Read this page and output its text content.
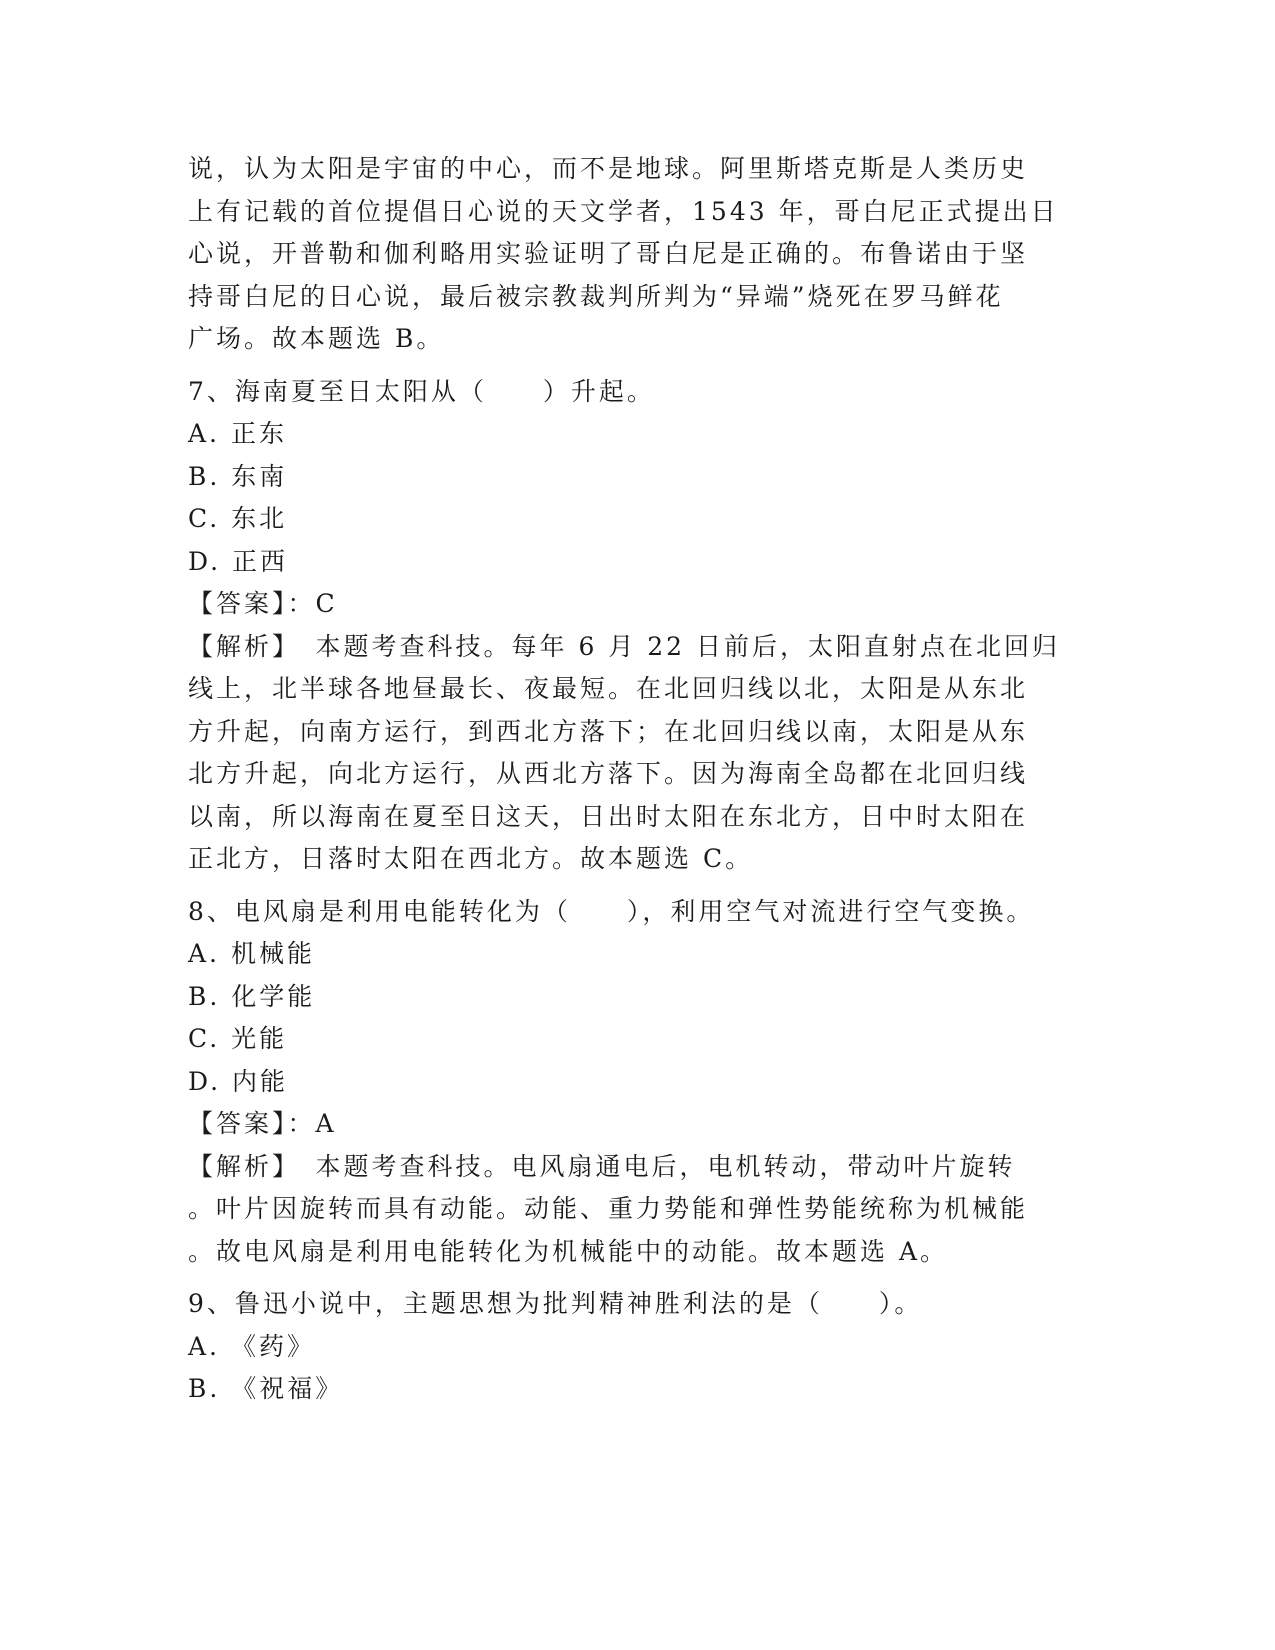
说，认为太阳是宇宙的中心，而不是地球。阿里斯塔克斯是人类历史
上有记载的首位提倡日心说的天文学者，1543 年，哥白尼正式提出日
心说，开普勒和伽利略用实验证明了哥白尼是正确的。布鲁诺由于坚
持哥白尼的日心说，最后被宗教裁判所判为“异端”烧死在罗马鲜花
广场。故本题选 B。
7、海南夏至日太阳从（　　）升起。
A. 正东
B. 东南
C. 东北
D. 正西
【答案】：C
【解析】　本题考查科技。每年 6 月 22 日前后，太阳直射点在北回归
线上，北半球各地昼最长、夜最短。在北回归线以北，太阳是从东北
方升起，向南方运行，到西北方落下；在北回归线以南，太阳是从东
北方升起，向北方运行，从西北方落下。因为海南全岛都在北回归线
以南，所以海南在夏至日这天，日出时太阳在东北方，日中时太阳在
正北方，日落时太阳在西北方。故本题选 C。
8、电风扇是利用电能转化为（　　），利用空气对流进行空气变换。
A. 机械能
B. 化学能
C. 光能
D. 内能
【答案】：A
【解析】　本题考查科技。电风扇通电后，电机转动，带动叶片旋转
。叶片因旋转而具有动能。动能、重力势能和弹性势能统称为机械能
。故电风扇是利用电能转化为机械能中的动能。故本题选 A。
9、鲁迅小说中，主题思想为批判精神胜利法的是（　　）。
A. 《药》
B. 《祝福》
